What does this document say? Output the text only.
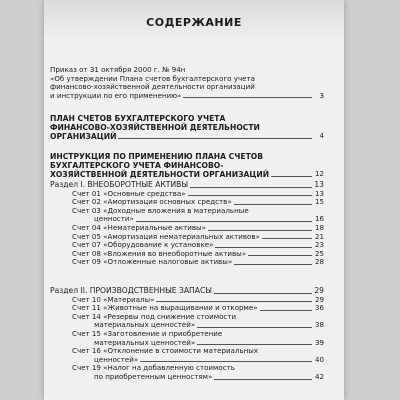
СОДЕРЖАНИЕ
Приказ от 31 октября 2000 г. № 94н
«Об утверждении Плана счетов бухгалтерского учета
финансово-хозяйственной деятельности организаций
и инструкции по его применению»	3
ПЛАН СЧЕТОВ БУХГАЛТЕРСКОГО УЧЕТА
ФИНАНСОВО-ХОЗЯЙСТВЕННОЙ ДЕЯТЕЛЬНОСТИ
ОРГАНИЗАЦИЙ	4
ИНСТРУКЦИЯ ПО ПРИМЕНЕНИЮ ПЛАНА СЧЕТОВ
БУХГАЛТЕРСКОГО УЧЕТА ФИНАНСОВО-
ХОЗЯЙСТВЕННОЙ ДЕЯТЕЛЬНОСТИ ОРГАНИЗАЦИЙ	12
Раздел I. ВНЕОБОРОТНЫЕ АКТИВЫ	13
Счет 01 «Основные средства»	13
Счет 02 «Амортизация основных средств»	15
Счет 03 «Доходные вложения в материальные
ценности»	16
Счет 04 «Нематериальные активы»	18
Счет 05 «Амортизация нематериальных активов»	21
Счет 07 «Оборудование к установке»	23
Счет 08 «Вложения во внеоборотные активы»	25
Счет 09 «Отложенные налоговые активы»	28
Раздел II. ПРОИЗВОДСТВЕННЫЕ ЗАПАСЫ	29
Счет 10 «Материалы»	29
Счет 11 «Животные на выращивании и откорме»	36
Счет 14 «Резервы под снижение стоимости
материальных ценностей»	38
Счет 15 «Заготовление и приобретение
материальных ценностей»	39
Счет 16 «Отклонение в стоимости материальных
ценностей»	40
Счет 19 «Налог на добавленную стоимость
по приобретенным ценностям»	42
